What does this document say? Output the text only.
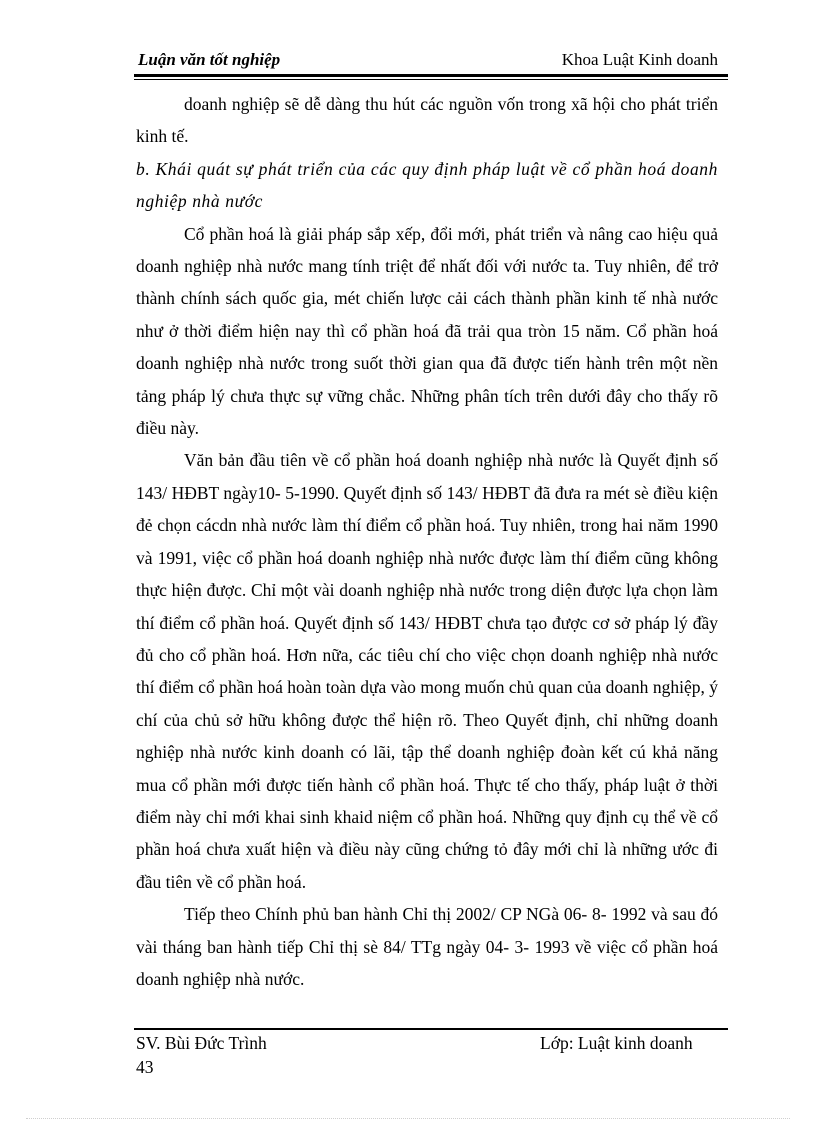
Luận văn tốt nghiệp	Khoa Luật Kinh doanh

doanh nghiệp sẽ dễ dàng thu hút các nguồn vốn trong xã hội cho phát triển kinh tế.

b. Khái quát sự phát triển của các quy định pháp luật về cổ phần hoá doanh nghiệp nhà nước

Cổ phần hoá là giải pháp sắp xếp, đổi mới, phát triển và nâng cao hiệu quả doanh nghiệp nhà nước mang tính triệt để nhất đối với nước ta. Tuy nhiên, để trở thành chính sách quốc gia, mét chiến lược cải cách thành phần kinh tế nhà nước như ở thời điểm hiện nay thì cổ phần hoá đã trải qua tròn 15 năm. Cổ phần hoá doanh nghiệp nhà nước trong suốt thời gian qua đã được tiến hành trên một nền tảng pháp lý chưa thực sự vững chắc. Những phân tích trên dưới đây cho thấy rõ điều này.

Văn bản đầu tiên về cổ phần hoá doanh nghiệp nhà nước là Quyết định số 143/ HĐBT ngày10- 5-1990. Quyết định số 143/ HĐBT đã đưa ra mét sè điều kiện đẻ chọn cácdn nhà nước làm thí điểm cổ phần hoá. Tuy nhiên, trong hai năm 1990 và 1991, việc cổ phần hoá doanh nghiệp nhà nước được làm thí điểm cũng không thực hiện được. Chỉ một vài doanh nghiệp nhà nước trong diện được lựa chọn làm thí điểm cổ phần hoá. Quyết định số 143/ HĐBT chưa tạo được cơ sở pháp lý đầy đủ cho cổ phần hoá. Hơn nữa, các tiêu chí cho việc chọn doanh nghiệp nhà nước thí điểm cổ phần hoá hoàn toàn dựa vào mong muốn chủ quan của doanh nghiệp, ý chí của chủ sở hữu không được thể hiện rõ. Theo Quyết định, chỉ những doanh nghiệp nhà nước kinh doanh có lãi, tập thể doanh nghiệp đoàn kết cú khả năng mua cổ phần mới được tiến hành cổ phần hoá. Thực tế cho thấy, pháp luật ở thời điểm này chỉ mới khai sinh khaid niệm cổ phần hoá. Những quy định cụ thể về cổ phần hoá chưa xuất hiện và điều này cũng chứng tỏ đây mới chỉ là những ước đi đầu tiên về cổ phần hoá.

Tiếp theo Chính phủ ban hành Chỉ thị 2002/ CP NGà 06- 8- 1992 và sau đó vài tháng ban hành tiếp Chỉ thị sè 84/ TTg ngày 04- 3- 1993 về việc cổ phần hoá doanh nghiệp nhà nước.

SV. Bùi Đức Trình	Lớp: Luật kinh doanh
43
